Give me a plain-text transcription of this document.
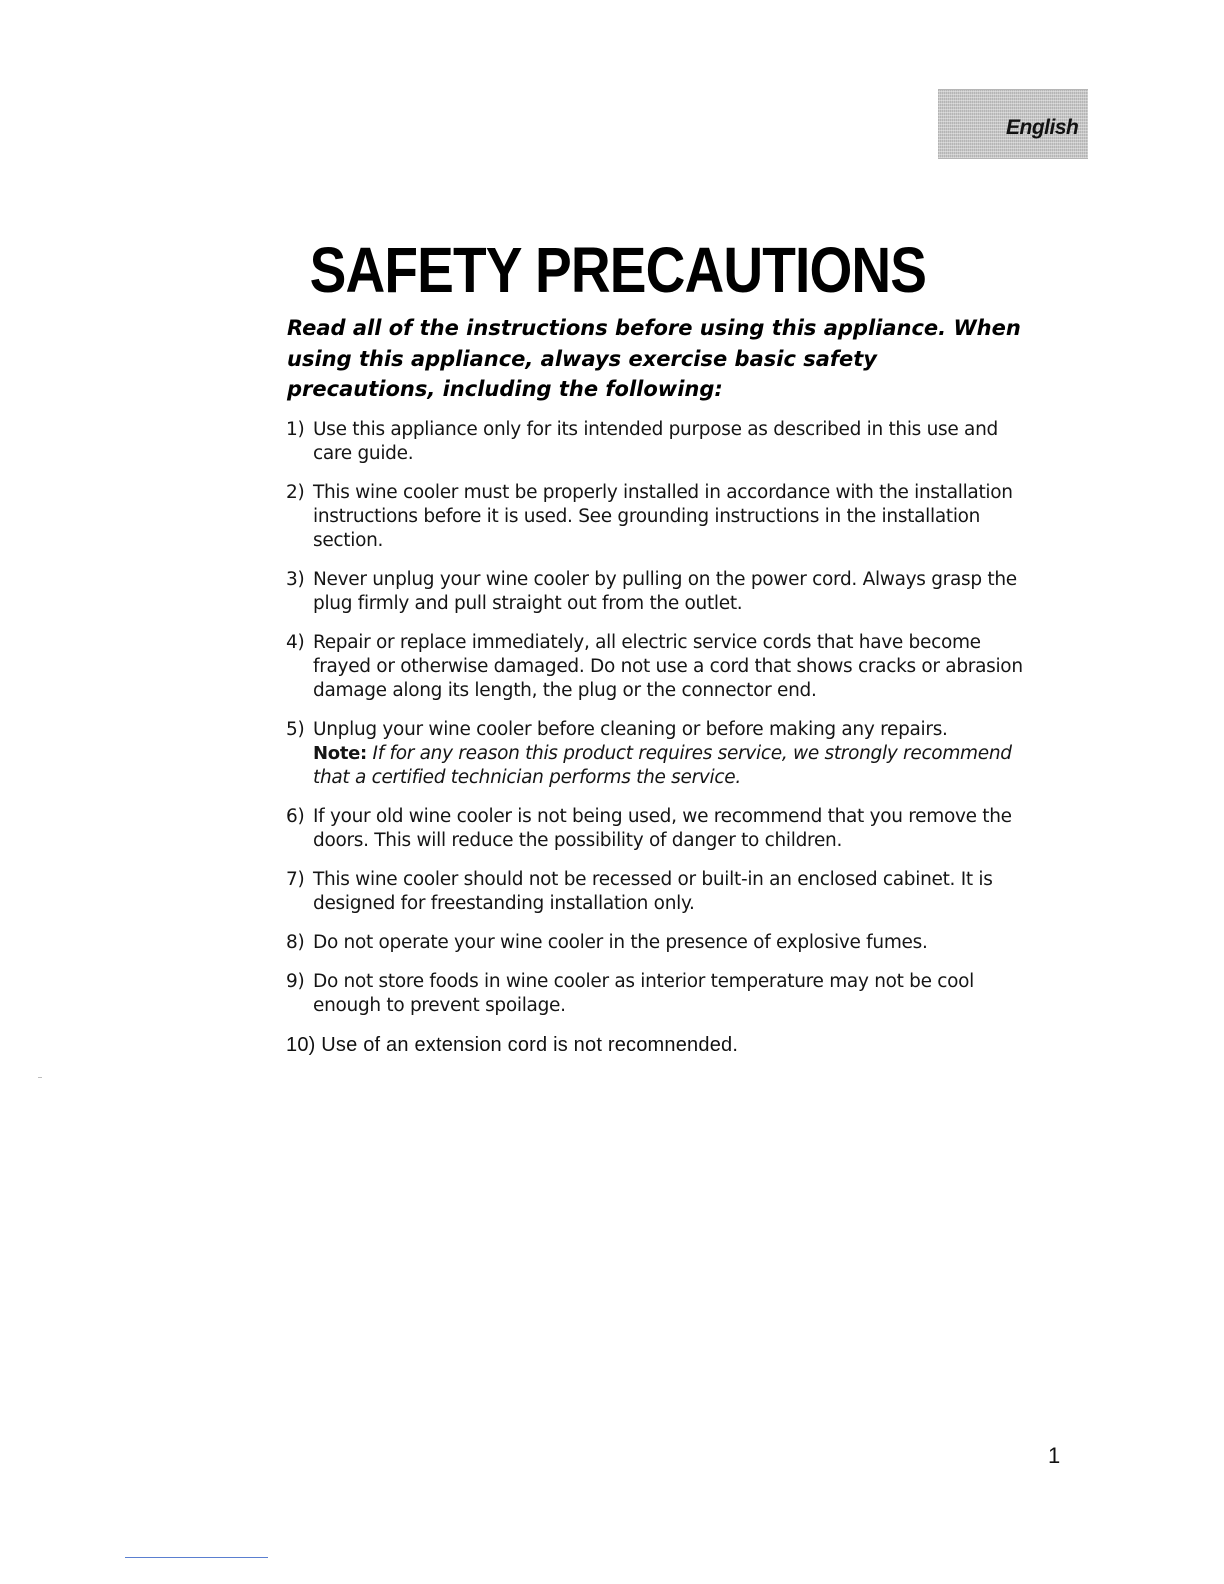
English
SAFETY PRECAUTIONS

Read all of the instructions before using this appliance. When using this appliance, always exercise basic safety precautions, including the following:

1) Use this appliance only for its intended purpose as described in this use and care guide.
2) This wine cooler must be properly installed in accordance with the installation instructions before it is used. See grounding instructions in the installation section.
3) Never unplug your wine cooler by pulling on the power cord. Always grasp the plug firmly and pull straight out from the outlet.
4) Repair or replace immediately, all electric service cords that have become frayed or otherwise damaged. Do not use a cord that shows cracks or abrasion damage along its length, the plug or the connector end.
5) Unplug your wine cooler before cleaning or before making any repairs.
Note: If for any reason this product requires service, we strongly recommend that a certified technician performs the service.
6) If your old wine cooler is not being used, we recommend that you remove the doors. This will reduce the possibility of danger to children.
7) This wine cooler should not be recessed or built-in an enclosed cabinet. It is designed for freestanding installation only.
8) Do not operate your wine cooler in the presence of explosive fumes.
9) Do not store foods in wine cooler as interior temperature may not be cool enough to prevent spoilage.
10) Use of an extension cord is not recomnended.
1
